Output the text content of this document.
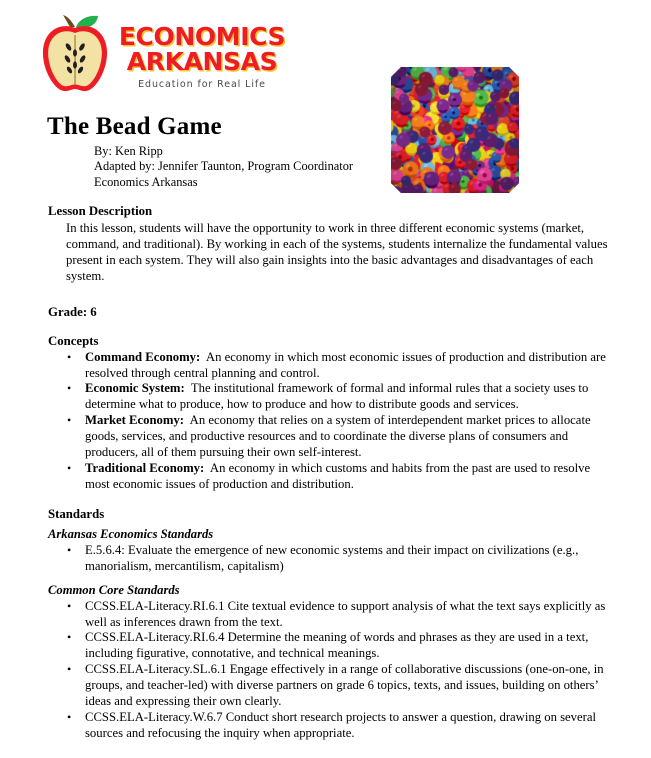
ECONOMICS
ARKANSAS
Education for Real Life
The Bead Game
By: Ken Ripp
Adapted by: Jennifer Taunton, Program Coordinator
Economics Arkansas
Lesson Description

In this lesson, students will have the opportunity to work in three different economic systems (market, command, and traditional). By working in each of the systems, students internalize the fundamental values present in each system. They will also gain insights into the basic advantages and disadvantages of each system.

Grade: 6
Concepts
• Command Economy: An economy in which most economic issues of production and distribution are resolved through central planning and control.
• Economic System: The institutional framework of formal and informal rules that a society uses to determine what to produce, how to produce and how to distribute goods and services.
• Market Economy: An economy that relies on a system of interdependent market prices to allocate goods, services, and productive resources and to coordinate the diverse plans of consumers and producers, all of them pursuing their own self-interest.
• Traditional Economy: An economy in which customs and habits from the past are used to resolve most economic issues of production and distribution.
Standards
Arkansas Economics Standards
• E.5.6.4: Evaluate the emergence of new economic systems and their impact on civilizations (e.g., manorialism, mercantilism, capitalism)
Common Core Standards
• CCSS.ELA-Literacy.RI.6.1 Cite textual evidence to support analysis of what the text says explicitly as well as inferences drawn from the text.
• CCSS.ELA-Literacy.RI.6.4 Determine the meaning of words and phrases as they are used in a text, including figurative, connotative, and technical meanings.
• CCSS.ELA-Literacy.SL.6.1 Engage effectively in a range of collaborative discussions (one-on-one, in groups, and teacher-led) with diverse partners on grade 6 topics, texts, and issues, building on others’ ideas and expressing their own clearly.
• CCSS.ELA-Literacy.W.6.7 Conduct short research projects to answer a question, drawing on several sources and refocusing the inquiry when appropriate.
